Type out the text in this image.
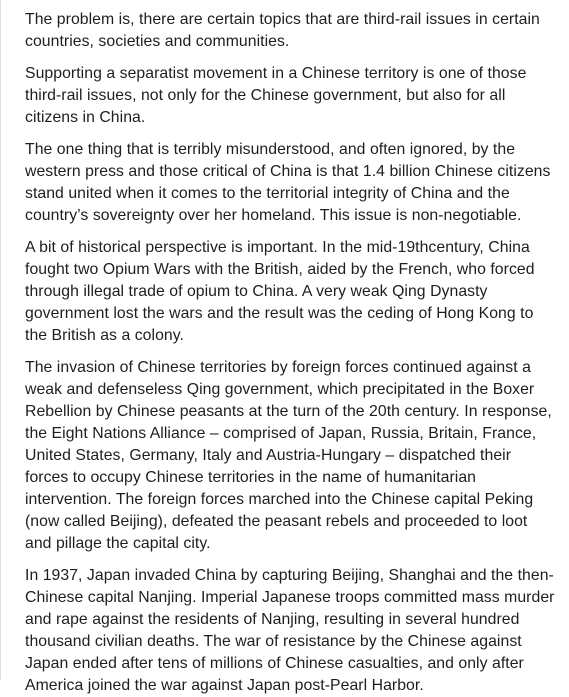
The problem is, there are certain topics that are third-rail issues in certain countries, societies and communities.

Supporting a separatist movement in a Chinese territory is one of those third-rail issues, not only for the Chinese government, but also for all citizens in China.

The one thing that is terribly misunderstood, and often ignored, by the western press and those critical of China is that 1.4 billion Chinese citizens stand united when it comes to the territorial integrity of China and the country’s sovereignty over her homeland. This issue is non-negotiable.

A bit of historical perspective is important. In the mid-19thcentury, China fought two Opium Wars with the British, aided by the French, who forced through illegal trade of opium to China. A very weak Qing Dynasty government lost the wars and the result was the ceding of Hong Kong to the British as a colony.

The invasion of Chinese territories by foreign forces continued against a weak and defenseless Qing government, which precipitated in the Boxer Rebellion by Chinese peasants at the turn of the 20th century. In response, the Eight Nations Alliance – comprised of Japan, Russia, Britain, France, United States, Germany, Italy and Austria-Hungary – dispatched their forces to occupy Chinese territories in the name of humanitarian intervention. The foreign forces marched into the Chinese capital Peking (now called Beijing), defeated the peasant rebels and proceeded to loot and pillage the capital city.

In 1937, Japan invaded China by capturing Beijing, Shanghai and the then-Chinese capital Nanjing. Imperial Japanese troops committed mass murder and rape against the residents of Nanjing, resulting in several hundred thousand civilian deaths. The war of resistance by the Chinese against Japan ended after tens of millions of Chinese casualties, and only after America joined the war against Japan post-Pearl Harbor.
